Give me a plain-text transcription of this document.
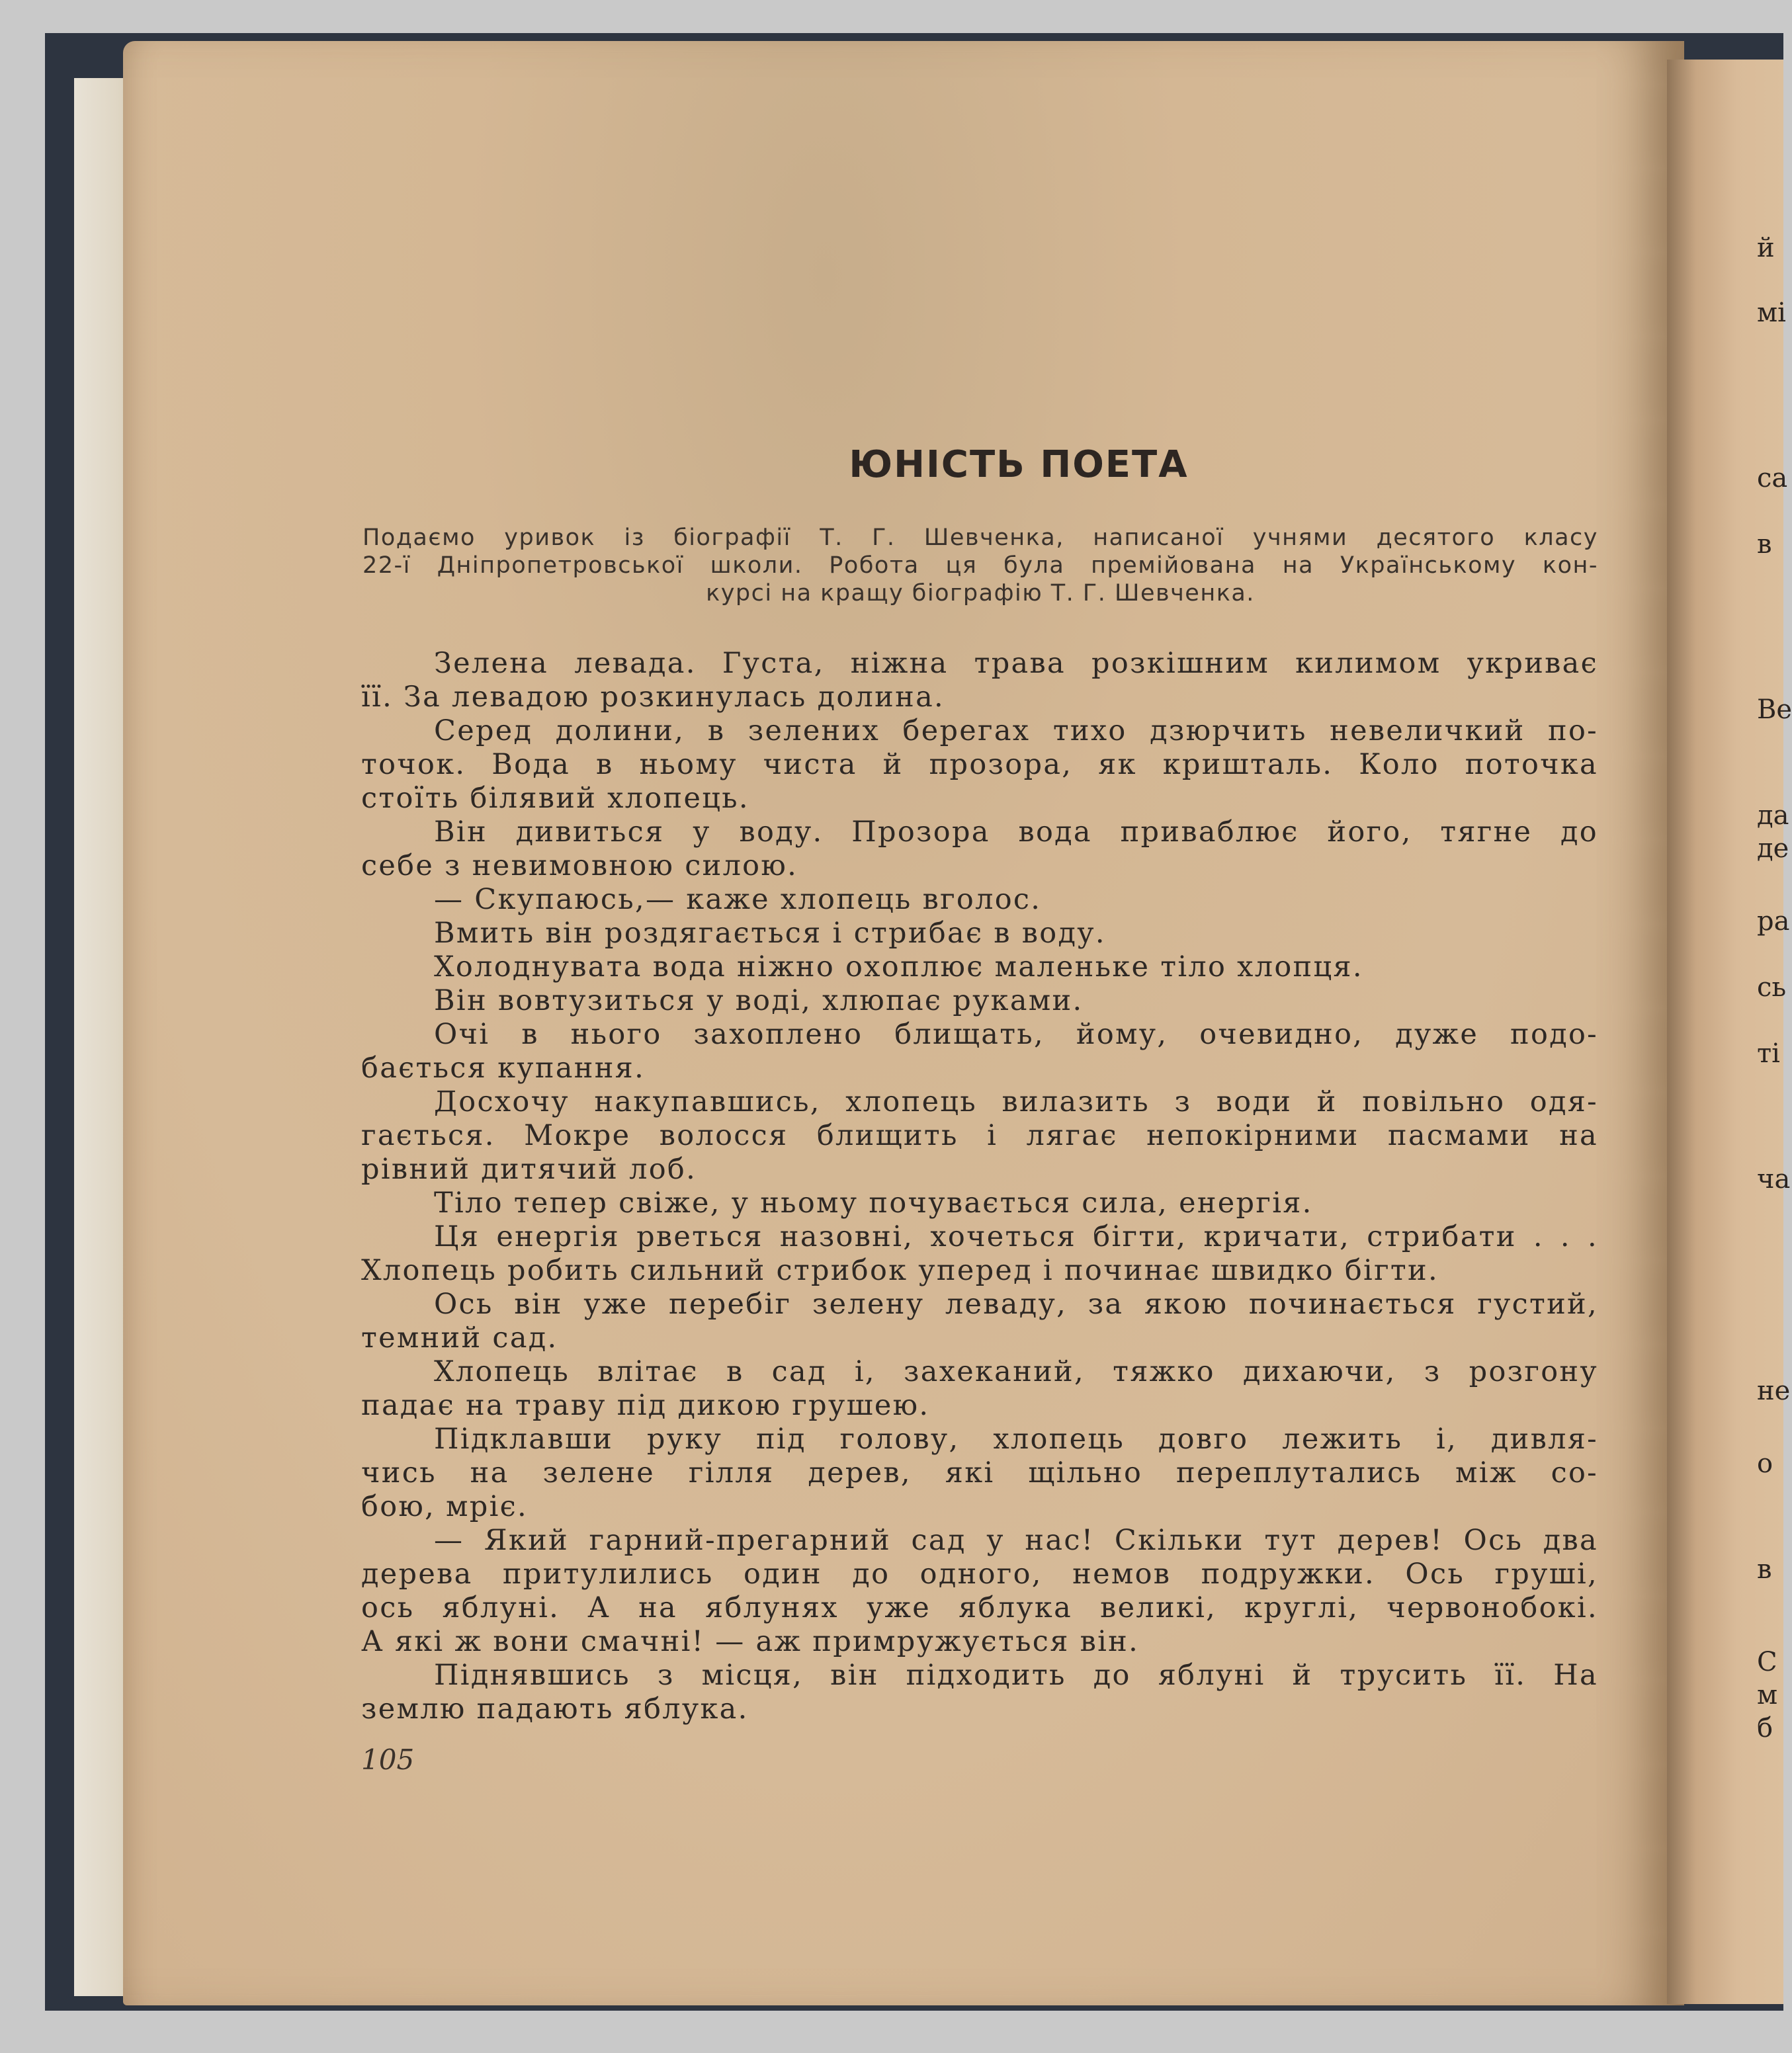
й
мі
са
в
Ве
да
де
ра
сь
ті
ча
не
о
в
С
м
б
ЮНІСТЬ ПОЕТА
Подаємо уривок із біографії Т. Г. Шевченка, написаної учнями десятого класу
22-ї Дніпропетровської школи. Робота ця була премійована на Українському кон-
курсі на кращу біографію Т. Г. Шевченка.
Зелена левада. Густа, ніжна трава розкішним килимом укриває
її. За левадою розкинулась долина.
Серед долини, в зелених берегах тихо дзюрчить невеличкий по-
точок. Вода в ньому чиста й прозора, як кришталь. Коло поточка
стоїть білявий хлопець.
Він дивиться у воду. Прозора вода приваблює його, тягне до
себе з невимовною силою.
— Скупаюсь,— каже хлопець вголос.
Вмить він роздягається і стрибає в воду.
Холоднувата вода ніжно охоплює маленьке тіло хлопця.
Він вовтузиться у воді, хлюпає руками.
Очі в нього захоплено блищать, йому, очевидно, дуже подо-
бається купання.
Досхочу накупавшись, хлопець вилазить з води й повільно одя-
гається. Мокре волосся блищить і лягає непокірними пасмами на
рівний дитячий лоб.
Тіло тепер свіже, у ньому почувається сила, енергія.
Ця енергія рветься назовні, хочеться бігти, кричати, стрибати . . .
Хлопець робить сильний стрибок уперед і починає швидко бігти.
Ось він уже перебіг зелену леваду, за якою починається густий,
темний сад.
Хлопець влітає в сад і, захеканий, тяжко дихаючи, з розгону
падає на траву під дикою грушею.
Підклавши руку під голову, хлопець довго лежить і, дивля-
чись на зелене гілля дерев, які щільно переплутались між со-
бою, мріє.
— Який гарний-прегарний сад у нас! Скільки тут дерев! Ось два
дерева притулились один до одного, немов подружки. Ось груші,
ось яблуні. А на яблунях уже яблука великі, круглі, червонобокі.
А які ж вони смачні! — аж примружується він.
Піднявшись з місця, він підходить до яблуні й трусить її. На
землю падають яблука.
105
